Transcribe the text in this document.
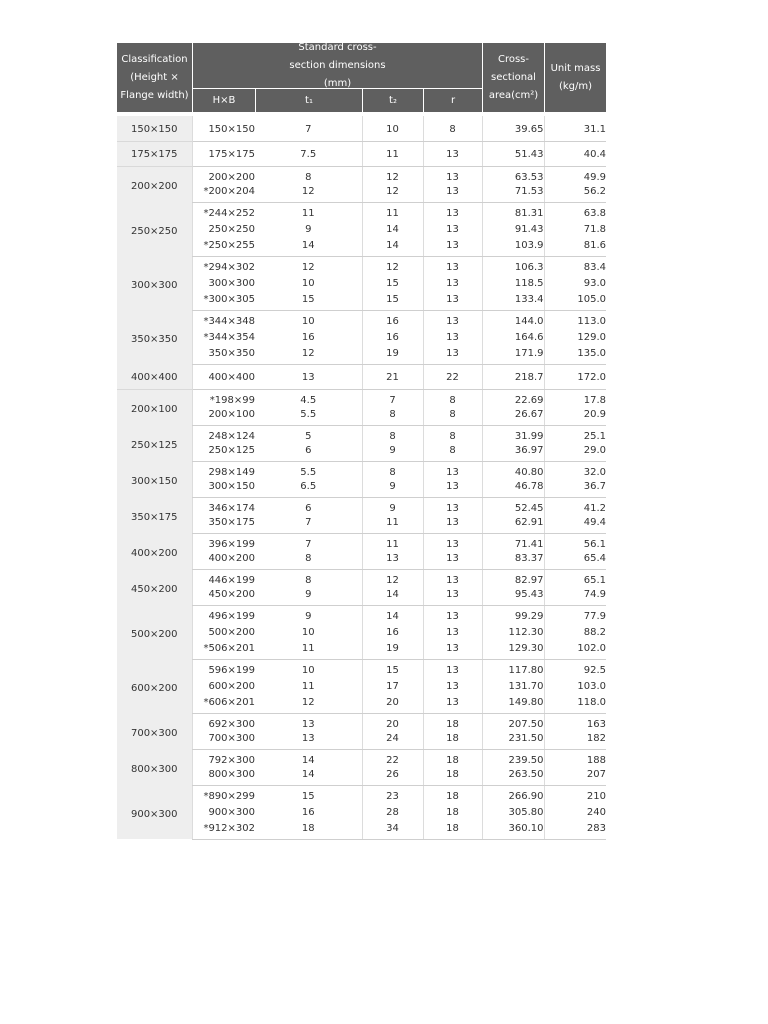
Classification (Height × Flange width)
Standard cross-section dimensions (mm)
H×B	t₁	t₂	r
Cross-sectional area(cm²)
Unit mass (kg/m)
150×150	150×150	7	10	8	39.65	31.1
175×175	175×175	7.5	11	13	51.43	40.4
200×200	200×200	8	12	13	63.53	49.9
	*200×204	12	12	13	71.53	56.2
250×250	*244×252	11	11	13	81.31	63.8
	250×250	9	14	13	91.43	71.8
	*250×255	14	14	13	103.9	81.6
300×300	*294×302	12	12	13	106.3	83.4
	300×300	10	15	13	118.5	93.0
	*300×305	15	15	13	133.4	105.0
350×350	*344×348	10	16	13	144.0	113.0
	*344×354	16	16	13	164.6	129.0
	350×350	12	19	13	171.9	135.0
400×400	400×400	13	21	22	218.7	172.0
200×100	*198×99	4.5	7	8	22.69	17.8
	200×100	5.5	8	8	26.67	20.9
250×125	248×124	5	8	8	31.99	25.1
	250×125	6	9	8	36.97	29.0
300×150	298×149	5.5	8	13	40.80	32.0
	300×150	6.5	9	13	46.78	36.7
350×175	346×174	6	9	13	52.45	41.2
	350×175	7	11	13	62.91	49.4
400×200	396×199	7	11	13	71.41	56.1
	400×200	8	13	13	83.37	65.4
450×200	446×199	8	12	13	82.97	65.1
	450×200	9	14	13	95.43	74.9
500×200	496×199	9	14	13	99.29	77.9
	500×200	10	16	13	112.30	88.2
	*506×201	11	19	13	129.30	102.0
600×200	596×199	10	15	13	117.80	92.5
	600×200	11	17	13	131.70	103.0
	*606×201	12	20	13	149.80	118.0
700×300	692×300	13	20	18	207.50	163
	700×300	13	24	18	231.50	182
800×300	792×300	14	22	18	239.50	188
	800×300	14	26	18	263.50	207
900×300	*890×299	15	23	18	266.90	210
	900×300	16	28	18	305.80	240
	*912×302	18	34	18	360.10	283
